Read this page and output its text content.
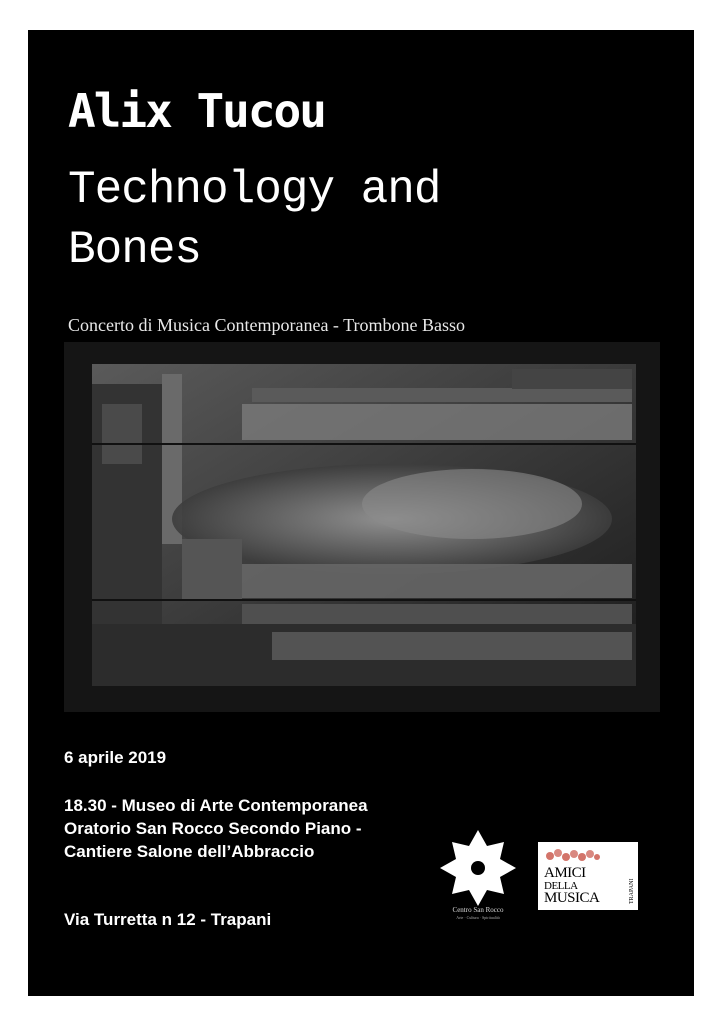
Alix Tucou
Technology and Bones
Concerto di Musica Contemporanea - Trombone Basso
6 aprile 2019
18.30 - Museo di Arte Contemporanea Oratorio San Rocco Secondo Piano - Cantiere Salone dell’Abbraccio
Via Turretta n 12 - Trapani	Centro San Rocco
Arte · Cultura · Spiritualità
AMICI
DELLA
MUSICA	TRAPANI
